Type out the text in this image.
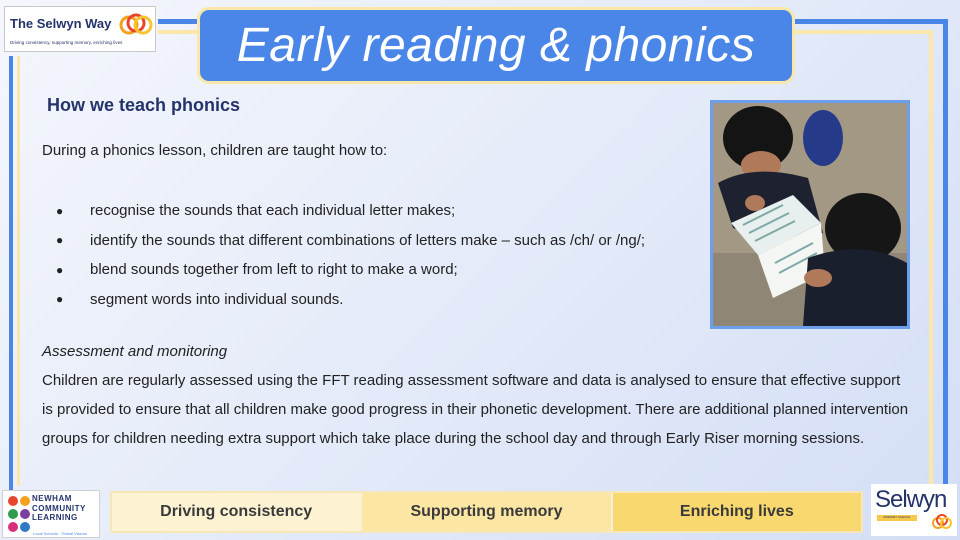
The Selwyn Way
Driving consistency, supporting memory, enriching lives Early reading & phonics
How we teach phonics

During a phonics lesson, children are taught how to:

●	recognise the sounds that each individual letter makes;
●	identify the sounds that different combinations of letters make – such as /ch/ or /ng/;
●	blend sounds together from left to right to make a word;
●	segment words into individual sounds.

Assessment and monitoring

Children are regularly assessed using the FFT reading assessment software and data is analysed to ensure that effective support is provided to ensure that all children make good progress in their phonetic development. There are additional planned intervention groups for children needing extra support which take place during the school day and through Early Riser morning sessions.

NEWHAM
COMMUNITY
LEARNING
Local Schools · Global Visions
Driving consistency	Supporting memory	Enriching lives	Selwyn
PRIMARY SCHOOL
